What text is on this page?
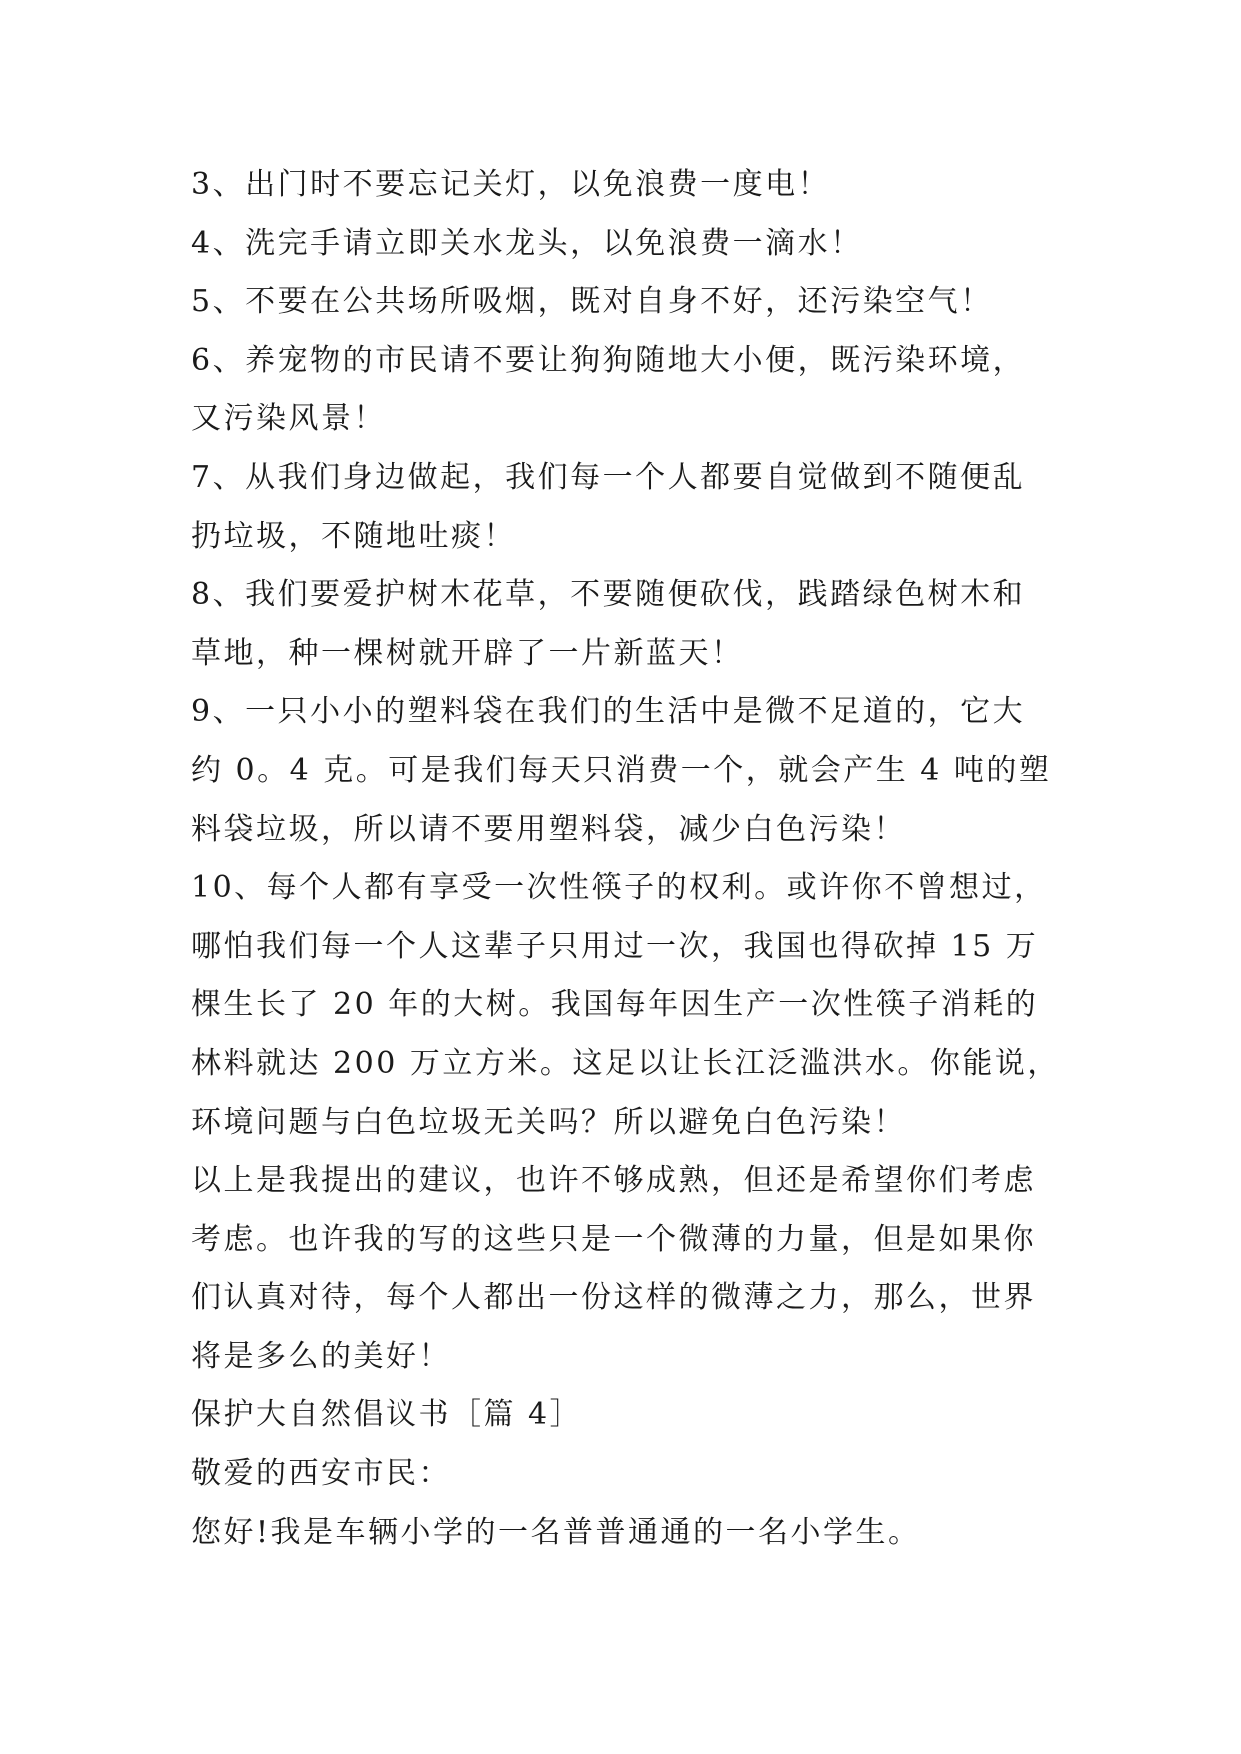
3、出门时不要忘记关灯，以免浪费一度电！
4、洗完手请立即关水龙头，以免浪费一滴水！
5、不要在公共场所吸烟，既对自身不好，还污染空气！
6、养宠物的市民请不要让狗狗随地大小便，既污染环境，
又污染风景！
7、从我们身边做起，我们每一个人都要自觉做到不随便乱
扔垃圾，不随地吐痰！
8、我们要爱护树木花草，不要随便砍伐，践踏绿色树木和
草地，种一棵树就开辟了一片新蓝天！
9、一只小小的塑料袋在我们的生活中是微不足道的，它大
约 0。4 克。可是我们每天只消费一个，就会产生 4 吨的塑
料袋垃圾，所以请不要用塑料袋，减少白色污染！
10、每个人都有享受一次性筷子的权利。或许你不曾想过，
哪怕我们每一个人这辈子只用过一次，我国也得砍掉 15 万
棵生长了 20 年的大树。我国每年因生产一次性筷子消耗的
林料就达 200 万立方米。这足以让长江泛滥洪水。你能说，
环境问题与白色垃圾无关吗？所以避免白色污染！
以上是我提出的建议，也许不够成熟，但还是希望你们考虑
考虑。也许我的写的这些只是一个微薄的力量，但是如果你
们认真对待，每个人都出一份这样的微薄之力，那么，世界
将是多么的美好！
保护大自然倡议书［篇 4］
敬爱的西安市民：
您好!我是车辆小学的一名普普通通的一名小学生。
